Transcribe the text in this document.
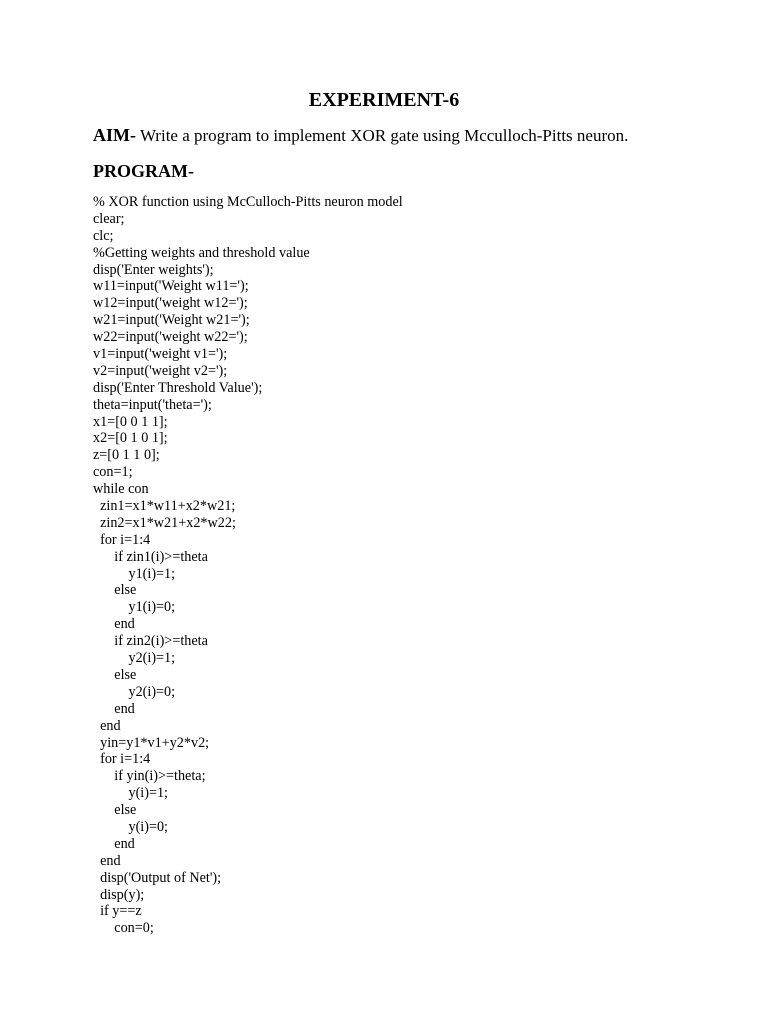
EXPERIMENT-6
AIM- Write a program to implement XOR gate using Mcculloch-Pitts neuron.
PROGRAM-
% XOR function using McCulloch-Pitts neuron model
clear;
clc;
%Getting weights and threshold value
disp('Enter weights');
w11=input('Weight w11=');
w12=input('weight w12=');
w21=input('Weight w21=');
w22=input('weight w22=');
v1=input('weight v1=');
v2=input('weight v2=');
disp('Enter Threshold Value');
theta=input('theta=');
x1=[0 0 1 1];
x2=[0 1 0 1];
z=[0 1 1 0];
con=1;
while con
zin1=x1*w11+x2*w21;
zin2=x1*w21+x2*w22;
for i=1:4
if zin1(i)>=theta
y1(i)=1;
else
y1(i)=0;
end
if zin2(i)>=theta
y2(i)=1;
else
y2(i)=0;
end
end
yin=y1*v1+y2*v2;
for i=1:4
if yin(i)>=theta;
y(i)=1;
else
y(i)=0;
end
end
disp('Output of Net');
disp(y);
if y==z
con=0;
